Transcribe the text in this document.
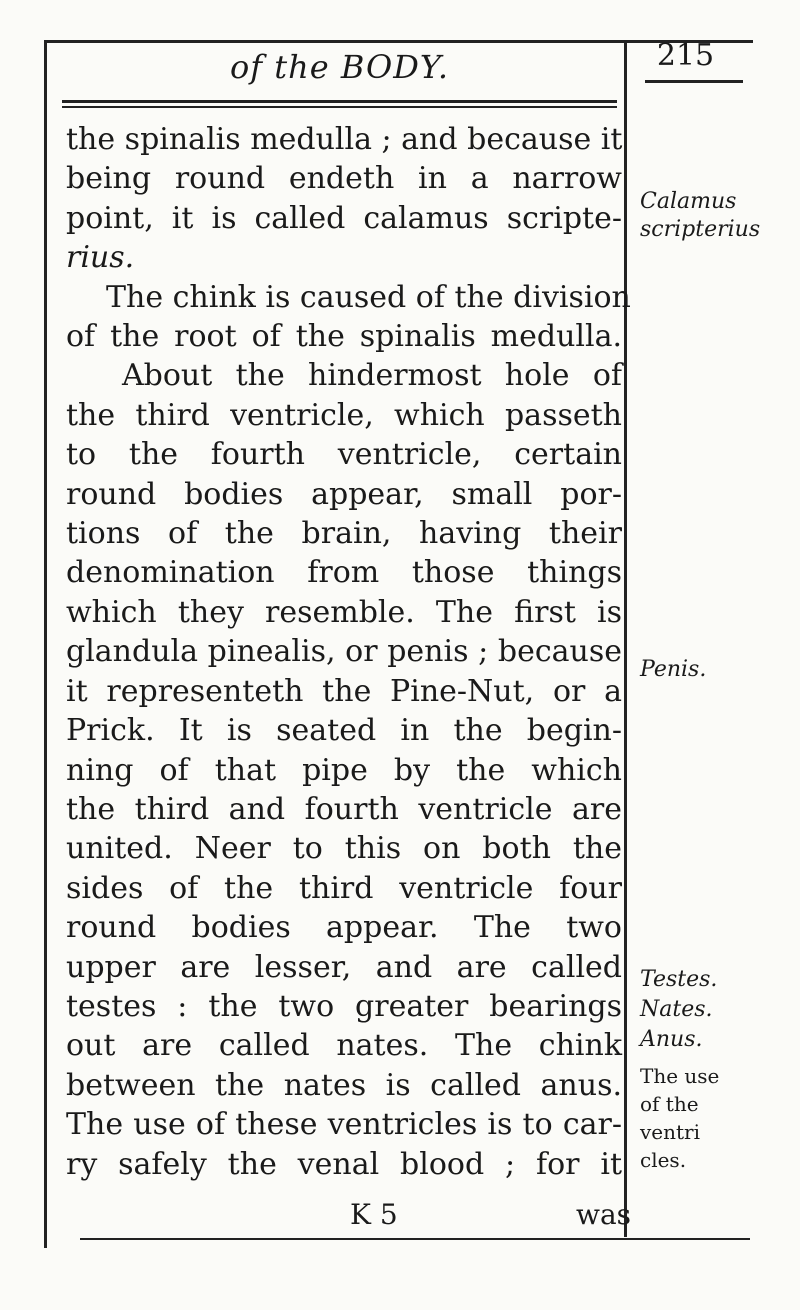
of the BODY.	215
the spinalis medulla ; and because it
being round endeth in a narrow
point, it is called calamus scripte-
rius.
The chink is caused of the division
of the root of the spinalis medulla.
About the hindermost hole of
the third ventricle, which passeth
to the fourth ventricle, certain
round bodies appear, small por-
tions of the brain, having their
denomination from those things
which they resemble. The first is
glandula pinealis, or penis ; because
it representeth the Pine-Nut, or a
Prick. It is seated in the begin-
ning of that pipe by the which
the third and fourth ventricle are
united. Neer to this on both the
sides of the third ventricle four
round bodies appear. The two
upper are lesser, and are called
testes : the two greater bearings
out are called nates. The chink
between the nates is called anus.
The use of these ventricles is to car-
ry safely the venal blood ; for it
Calamus
scripterius
Penis.
Testes.
Nates.
Anus.
The use
of the
ventri
cles.
K 5	was
